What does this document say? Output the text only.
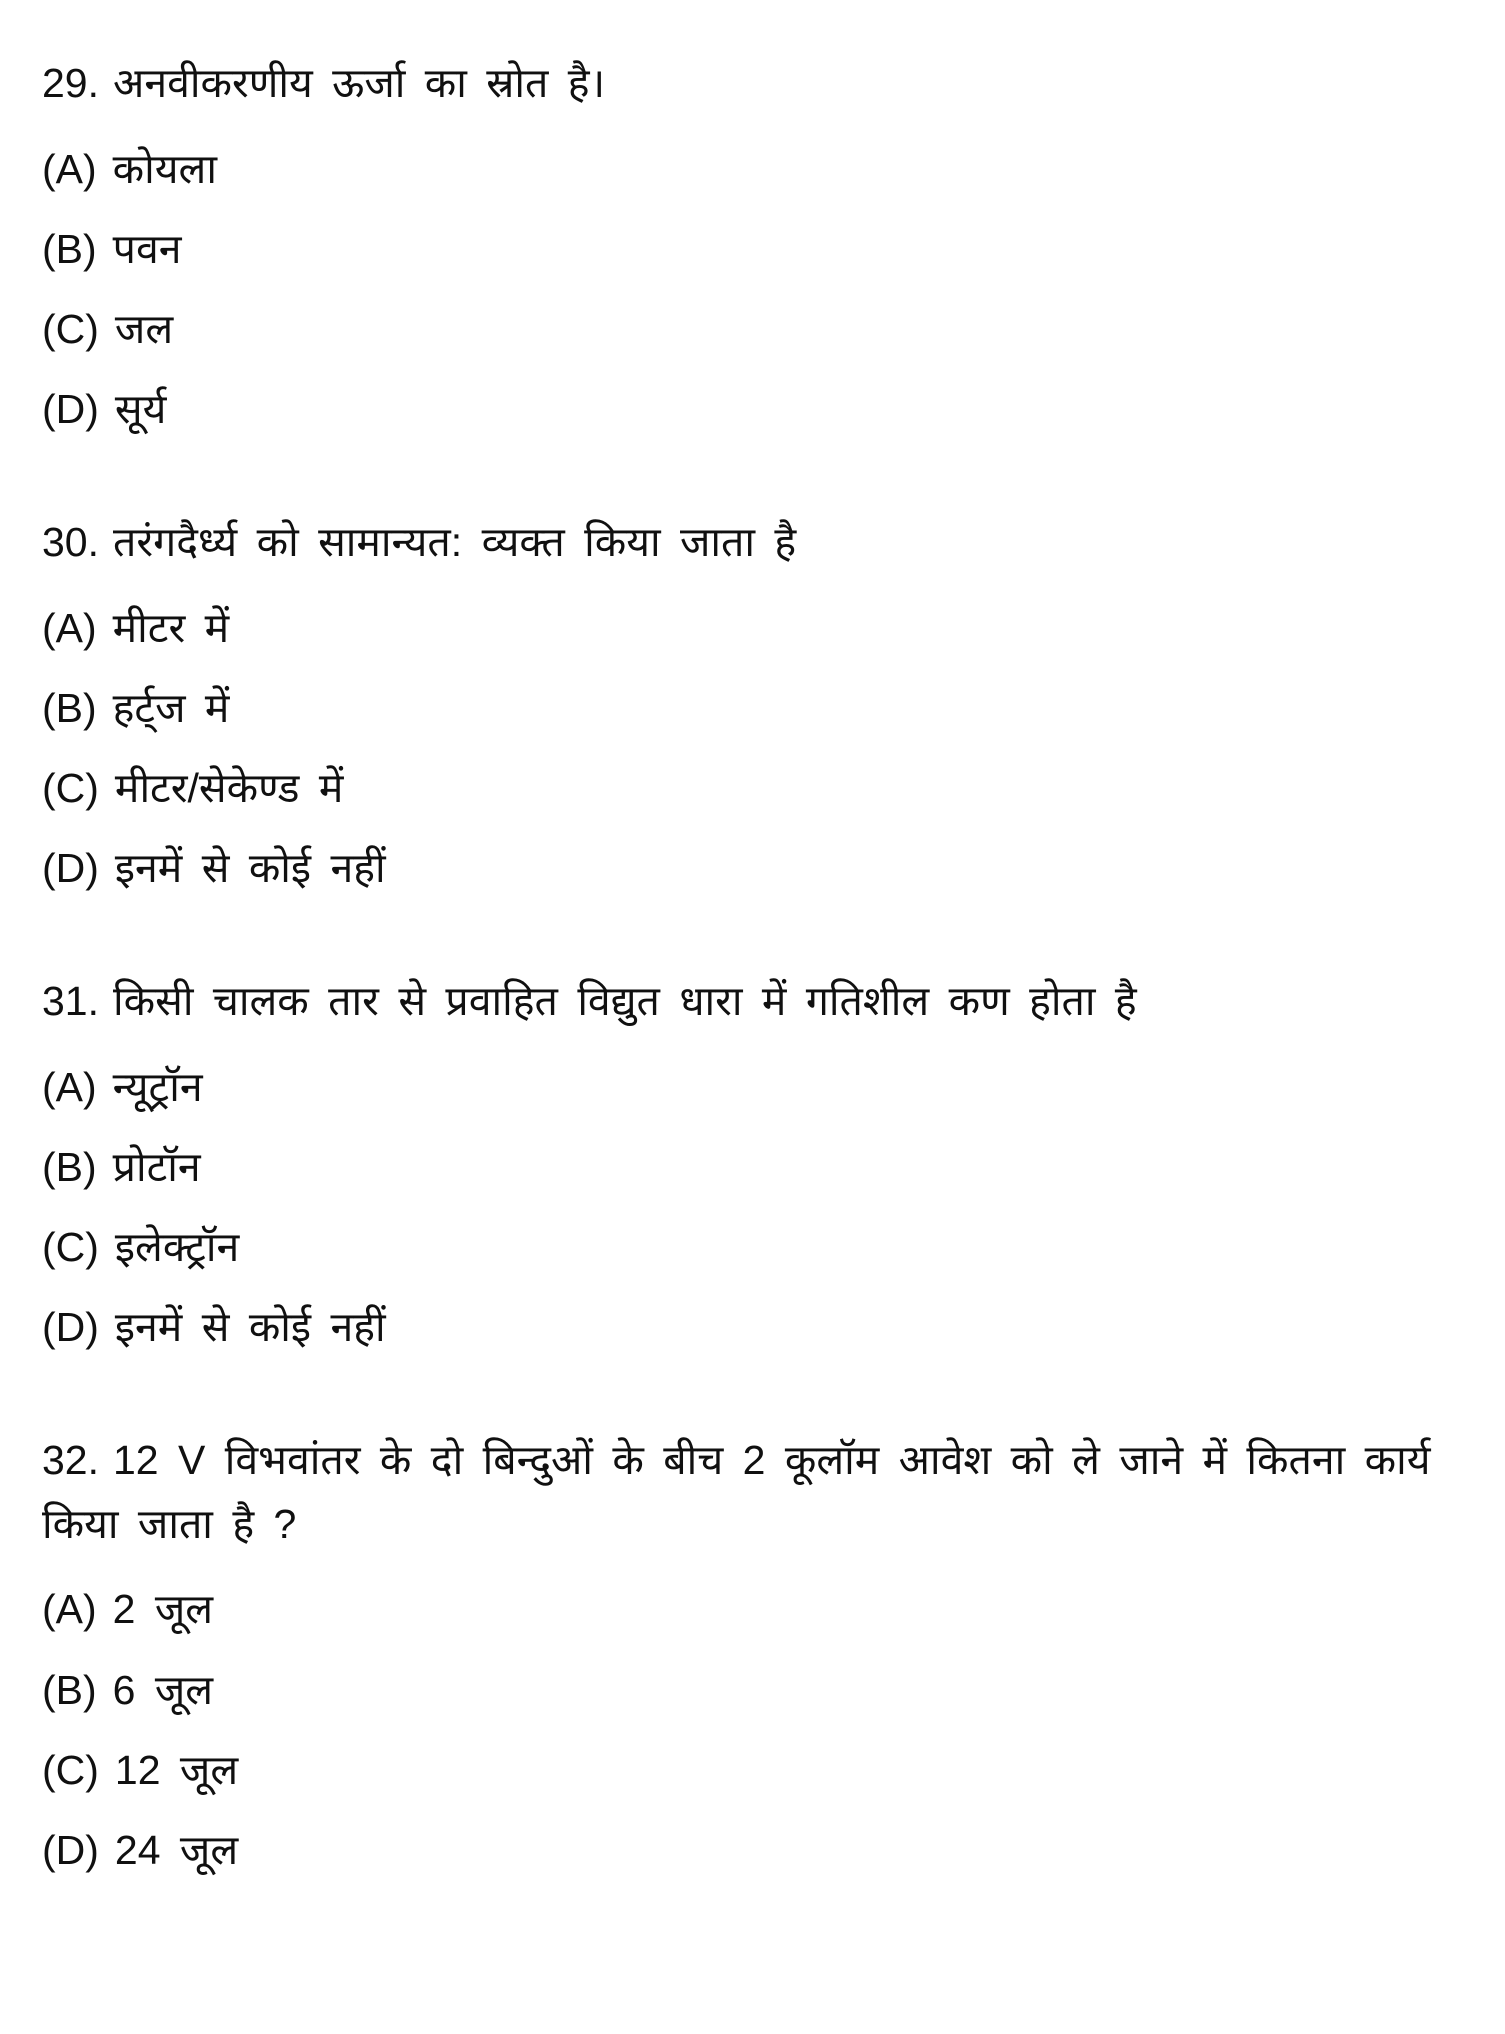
29. अनवीकरणीय ऊर्जा का स्रोत है।

(A) कोयला

(B) पवन

(C) जल

(D) सूर्य

30. तरंगदैर्ध्य को सामान्यत: व्यक्त किया जाता है

(A) मीटर में

(B) हर्ट्ज में

(C) मीटर/सेकेण्ड में

(D) इनमें से कोई नहीं

31. किसी चालक तार से प्रवाहित विद्युत धारा में गतिशील कण होता है

(A) न्यूट्रॉन

(B) प्रोटॉन

(C) इलेक्ट्रॉन

(D) इनमें से कोई नहीं

32. 12 V विभवांतर के दो बिन्दुओं के बीच 2 कूलॉम आवेश को ले जाने में कितना कार्य किया जाता है ?

(A) 2 जूल

(B) 6 जूल

(C) 12 जूल

(D) 24 जूल
